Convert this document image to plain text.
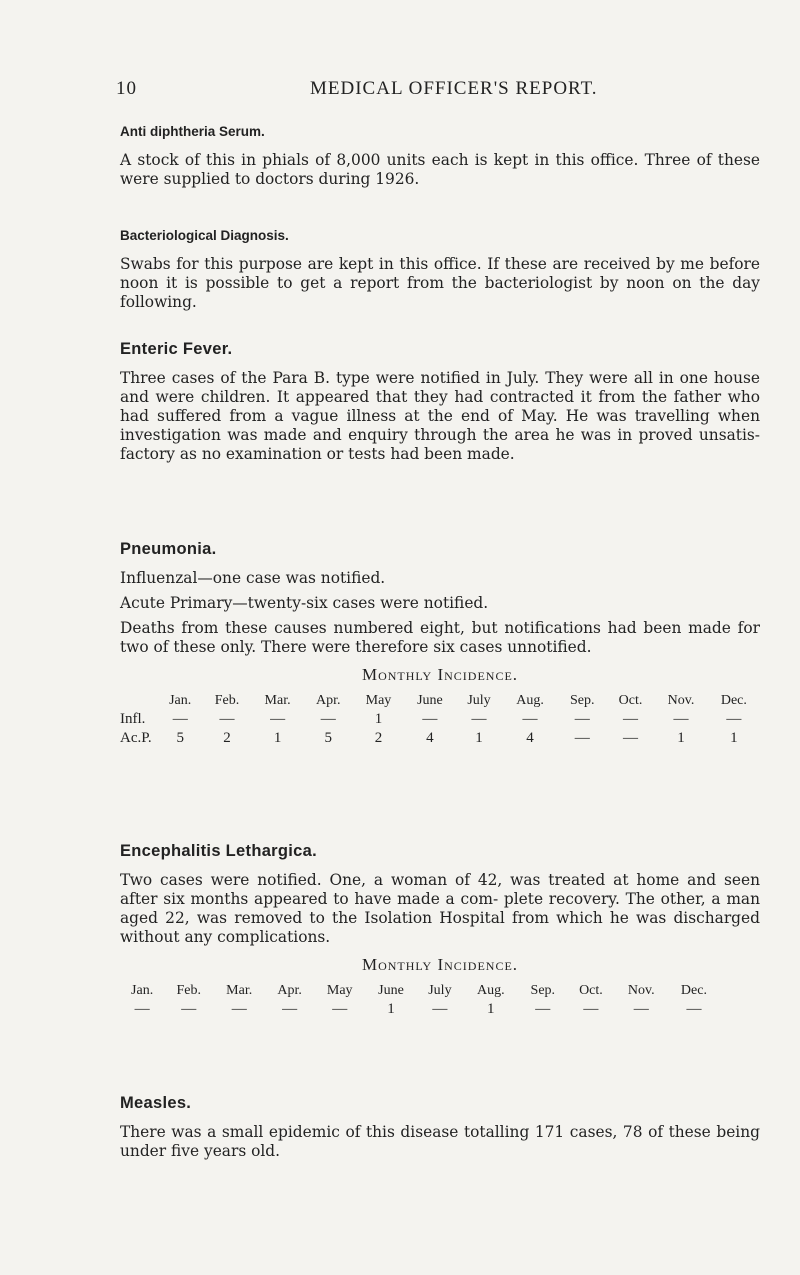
10	MEDICAL OFFICER'S REPORT.
Anti diphtheria Serum.

A stock of this in phials of 8,000 units each is kept in this office. Three of these were supplied to doctors during 1926.

Bacteriological Diagnosis.

Swabs for this purpose are kept in this office. If these are received by me before noon it is possible to get a report from the bacteriologist by noon on the day following.

Enteric Fever.

Three cases of the Para B. type were notified in July. They were all in one house and were children. It appeared that they had contracted it from the father who had suffered from a vague illness at the end of May. He was travelling when investigation was made and enquiry through the area he was in proved unsatis- factory as no examination or tests had been made.

Pneumonia.

Influenzal—one case was notified.

Acute Primary—twenty-six cases were notified.

Deaths from these causes numbered eight, but notifications had been made for two of these only. There were therefore six cases unnotified.

Monthly Incidence.
	Jan.	Feb.	Mar.	Apr.	May	June	July	Aug.	Sep.	Oct.	Nov.	Dec.
Infl.	—	—	—	—	1	—	—	—	—	—	—	—
Ac.P.	5	2	1	5	2	4	1	4	—	—	1	1
Encephalitis Lethargica.

Two cases were notified. One, a woman of 42, was treated at home and seen after six months appeared to have made a com- plete recovery. The other, a man aged 22, was removed to the Isolation Hospital from which he was discharged without any complications.

Monthly Incidence.
Jan.	Feb.	Mar.	Apr.	May	June	July	Aug.	Sep.	Oct.	Nov.	Dec.
—	—	—	—	—	1	—	1	—	—	—	—
Measles.

There was a small epidemic of this disease totalling 171 cases, 78 of these being under five years old.
